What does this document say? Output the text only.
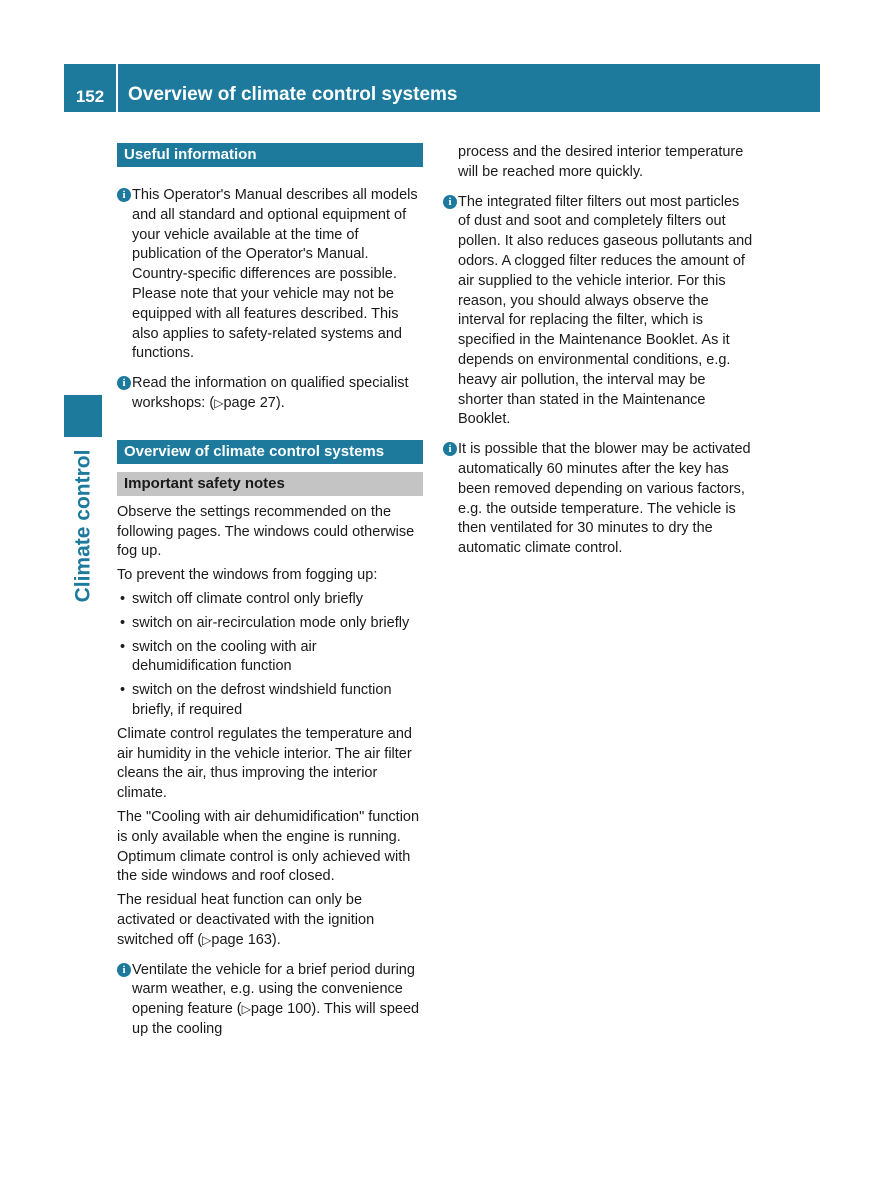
152	Overview of climate control systems
Climate control
Useful information
i This Operator's Manual describes all models and all standard and optional equipment of your vehicle available at the time of publication of the Operator's Manual. Country-specific differences are possible. Please note that your vehicle may not be equipped with all features described. This also applies to safety-related systems and functions.
i Read the information on qualified specialist workshops: (▷page 27).
Overview of climate control systems
Important safety notes

Observe the settings recommended on the following pages. The windows could otherwise fog up.

To prevent the windows from fogging up:

• switch off climate control only briefly
• switch on air-recirculation mode only briefly
• switch on the cooling with air dehumidification function
• switch on the defrost windshield function briefly, if required

Climate control regulates the temperature and air humidity in the vehicle interior. The air filter cleans the air, thus improving the interior climate.

The "Cooling with air dehumidification" function is only available when the engine is running. Optimum climate control is only achieved with the side windows and roof closed.

The residual heat function can only be activated or deactivated with the ignition switched off (▷page 163).

i Ventilate the vehicle for a brief period during warm weather, e.g. using the convenience opening feature (▷page 100). This will speed up the cooling

process and the desired interior temperature will be reached more quickly.

i The integrated filter filters out most particles of dust and soot and completely filters out pollen. It also reduces gaseous pollutants and odors. A clogged filter reduces the amount of air supplied to the vehicle interior. For this reason, you should always observe the interval for replacing the filter, which is specified in the Maintenance Booklet. As it depends on environmental conditions, e.g. heavy air pollution, the interval may be shorter than stated in the Maintenance Booklet.
i It is possible that the blower may be activated automatically 60 minutes after the key has been removed depending on various factors, e.g. the outside temperature. The vehicle is then ventilated for 30 minutes to dry the automatic climate control.
